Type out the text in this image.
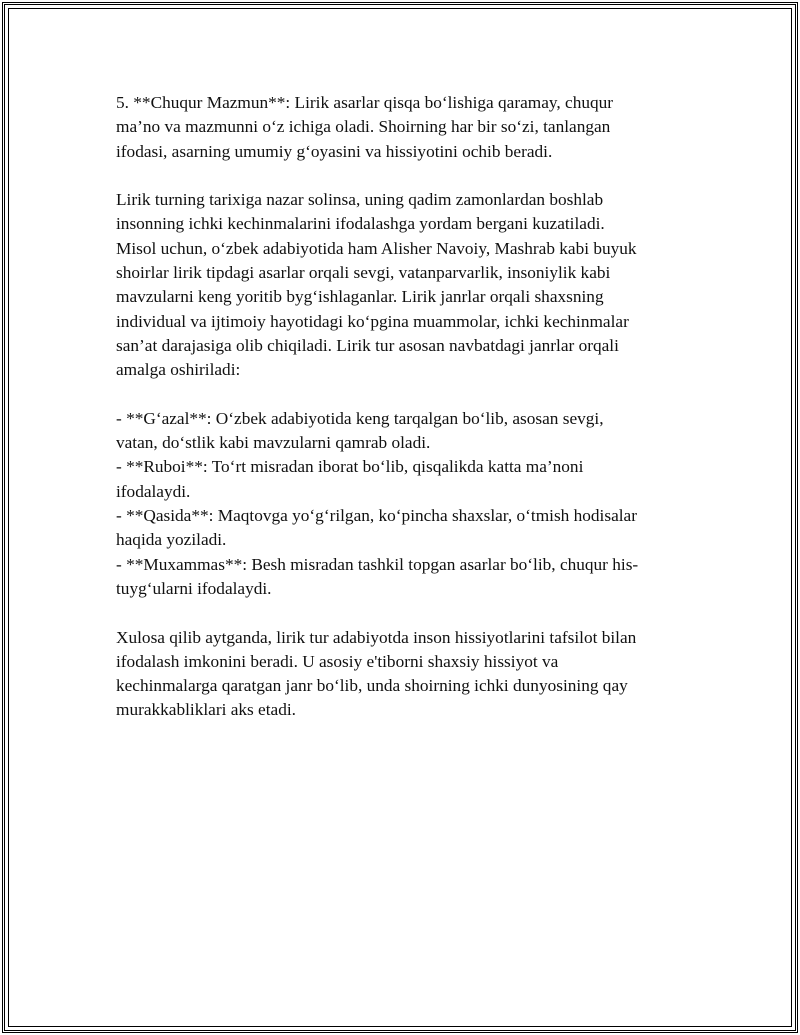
5. **Chuqur Mazmun**: Lirik asarlar qisqa bo‘lishiga qaramay, chuqur
ma’no va mazmunni o‘z ichiga oladi. Shoirning har bir so‘zi, tanlangan
ifodasi, asarning umumiy g‘oyasini va hissiyotini ochib beradi.

Lirik turning tarixiga nazar solinsa, uning qadim zamonlardan boshlab
insonning ichki kechinmalarini ifodalashga yordam bergani kuzatiladi.
Misol uchun, o‘zbek adabiyotida ham Alisher Navoiy, Mashrab kabi buyuk
shoirlar lirik tipdagi asarlar orqali sevgi, vatanparvarlik, insoniylik kabi
mavzularni keng yoritib byg‘ishlaganlar. Lirik janrlar orqali shaxsning
individual va ijtimoiy hayotidagi ko‘pgina muammolar, ichki kechinmalar
san’at darajasiga olib chiqiladi. Lirik tur asosan navbatdagi janrlar orqali
amalga oshiriladi:

- **G‘azal**: O‘zbek adabiyotida keng tarqalgan bo‘lib, asosan sevgi,
vatan, do‘stlik kabi mavzularni qamrab oladi.
- **Ruboi**: To‘rt misradan iborat bo‘lib, qisqalikda katta ma’noni
ifodalaydi.
- **Qasida**: Maqtovga yo‘g‘rilgan, ko‘pincha shaxslar, o‘tmish hodisalar
haqida yoziladi.
- **Muxammas**: Besh misradan tashkil topgan asarlar bo‘lib, chuqur his-
tuyg‘ularni ifodalaydi.

Xulosa qilib aytganda, lirik tur adabiyotda inson hissiyotlarini tafsilot bilan
ifodalash imkonini beradi. U asosiy e'tiborni shaxsiy hissiyot va
kechinmalarga qaratgan janr bo‘lib, unda shoirning ichki dunyosining qay
murakkabliklari aks etadi.
